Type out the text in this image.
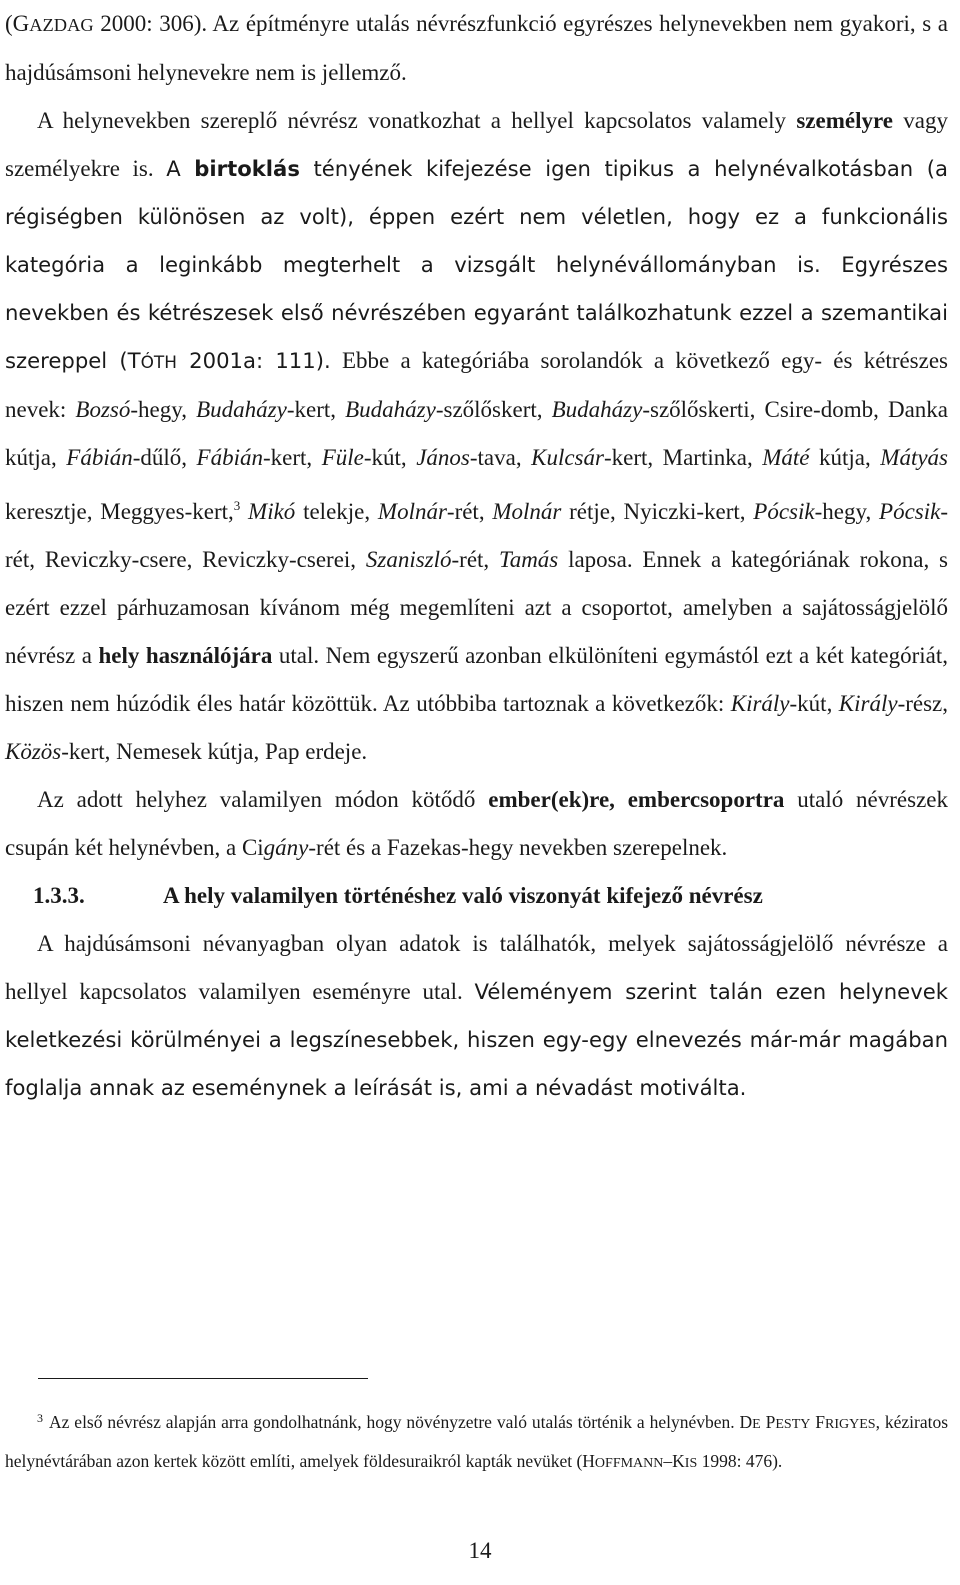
(GAZDAG 2000: 306). Az építményre utalás névrészfunkció egyrészes helynevekben nem gyakori, s a hajdúsámsoni helynevekre nem is jellemző.

A helynevekben szereplő névrész vonatkozhat a hellyel kapcsolatos valamely személyre vagy személyekre is. A birtoklás tényének kifejezése igen tipikus a helynévalkotásban (a régiségben különösen az volt), éppen ezért nem véletlen, hogy ez a funkcionális kategória a leginkább megterhelt a vizsgált helynévállományban is. Egyrészes nevekben és kétrészesek első névrészében egyaránt találkozhatunk ezzel a szemantikai szereppel (TÓTH 2001a: 111). Ebbe a kategóriába sorolandók a következő egy- és kétrészes nevek: Bozsó-hegy, Budaházy-kert, Budaházy-szőlőskert, Budaházy-szőlőskerti, Csire-domb, Danka kútja, Fábián-dűlő, Fábián-kert, Füle-kút, János-tava, Kulcsár-kert, Martinka, Máté kútja, Mátyás keresztje, Meggyes-kert,$^3$ Mikó telekje, Molnár-rét, Molnár rétje, Nyiczki-kert, Pócsik-hegy, Pócsik-rét, Reviczky-csere, Reviczky-cserei, Szaniszló-rét, Tamás laposa. Ennek a kategóriának rokona, s ezért ezzel párhuzamosan kívánom még megemlíteni azt a csoportot, amelyben a sajátosságjelölő névrész a hely használójára utal. Nem egyszerű azonban elkülöníteni egymástól ezt a két kategóriát, hiszen nem húzódik éles határ közöttük. Az utóbbiba tartoznak a következők: Király-kút, Király-rész, Közös-kert, Nemesek kútja, Pap erdeje.

Az adott helyhez valamilyen módon kötődő ember(ek)re, embercsoportra utaló névrészek csupán két helynévben, a Cigány-rét és a Fazekas-hegy nevekben szerepelnek.

1.3.3.	A hely valamilyen történéshez való viszonyát kifejező névrész

A hajdúsámsoni névanyagban olyan adatok is találhatók, melyek sajátosságjelölő névrésze a hellyel kapcsolatos valamilyen eseményre utal. Véleményem szerint talán ezen helynevek keletkezési körülményei a legszínesebbek, hiszen egy-egy elnevezés már-már magában foglalja annak az eseménynek a leírását is, ami a névadást motiválta.

$^3$ Az első névrész alapján arra gondolhatnánk, hogy növényzetre való utalás történik a helynévben. DE PESTY FRIGYES, kéziratos helynévtárában azon kertek között említi, amelyek földesuraikról kapták nevüket (HOFFMANN–KIS 1998: 476).
14
